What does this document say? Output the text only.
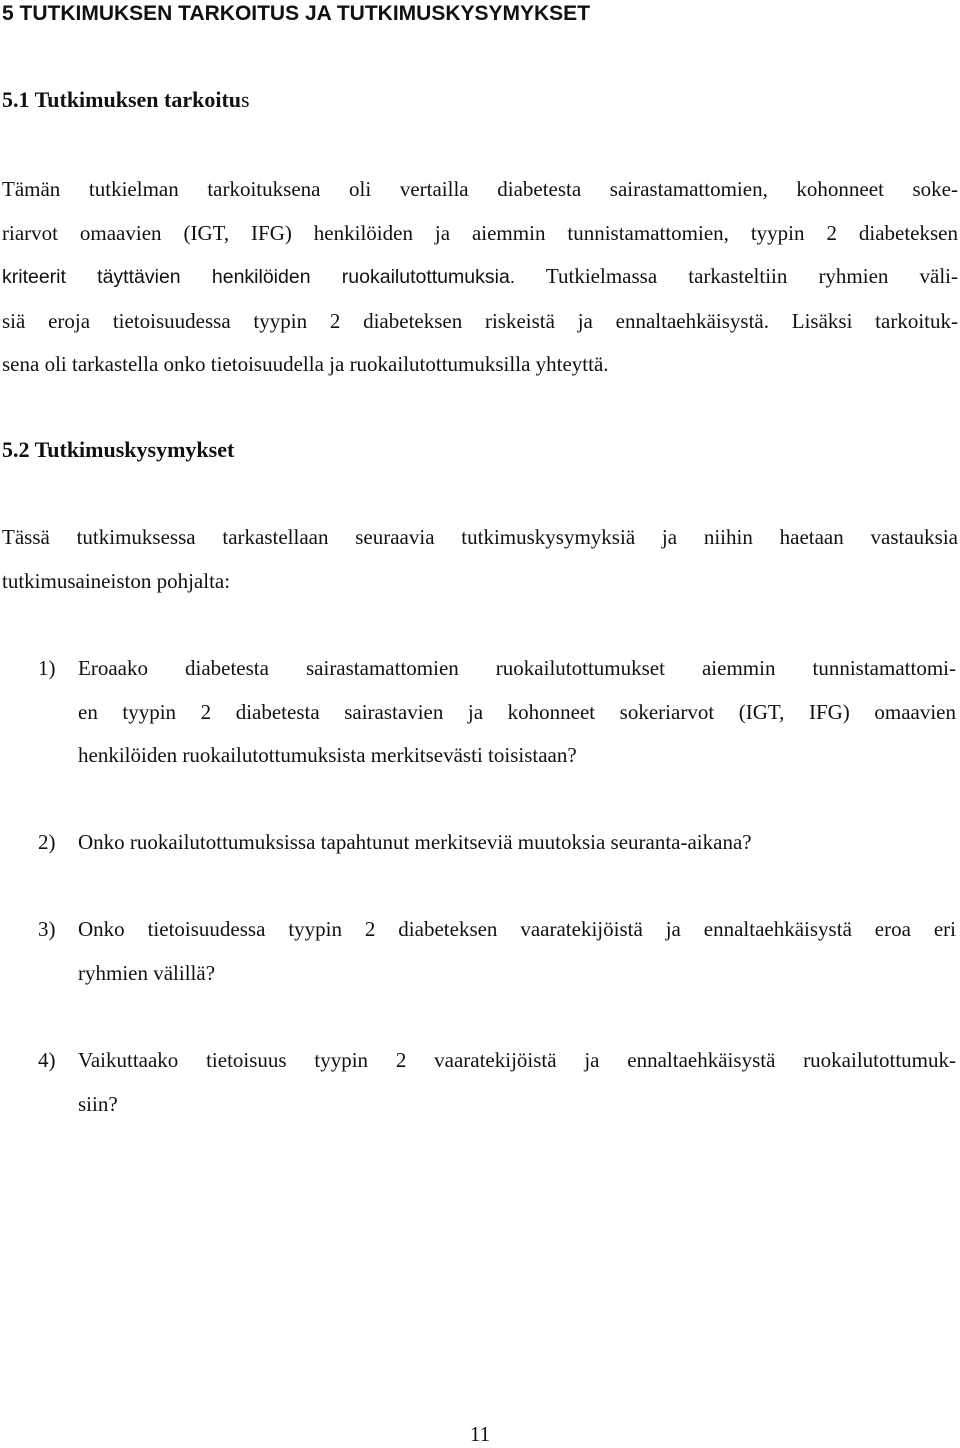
5 TUTKIMUKSEN TARKOITUS JA TUTKIMUSKYSYMYKSET
5.1 Tutkimuksen tarkoitus
Tämän tutkielman tarkoituksena oli vertailla diabetesta sairastamattomien, kohonneet soke-
riarvot omaavien (IGT, IFG) henkilöiden ja aiemmin tunnistamattomien, tyypin 2 diabeteksen
kriteerit täyttävien henkilöiden ruokailutottumuksia. Tutkielmassa tarkasteltiin ryhmien väli-
siä eroja tietoisuudessa tyypin 2 diabeteksen riskeistä ja ennaltaehkäisystä. Lisäksi tarkoituk-
sena oli tarkastella onko tietoisuudella ja ruokailutottumuksilla yhteyttä.
5.2 Tutkimuskysymykset
Tässä tutkimuksessa tarkastellaan seuraavia tutkimuskysymyksiä ja niihin haetaan vastauksia
tutkimusaineiston pohjalta:
1)	Eroaako diabetesta sairastamattomien ruokailutottumukset aiemmin tunnistamattomi-
en tyypin 2 diabetesta sairastavien ja kohonneet sokeriarvot (IGT, IFG) omaavien
henkilöiden ruokailutottumuksista merkitsevästi toisistaan?
2)	Onko ruokailutottumuksissa tapahtunut merkitseviä muutoksia seuranta-aikana?
3)	Onko tietoisuudessa tyypin 2 diabeteksen vaaratekijöistä ja ennaltaehkäisystä eroa eri
ryhmien välillä?
4)	Vaikuttaako tietoisuus tyypin 2 vaaratekijöistä ja ennaltaehkäisystä ruokailutottumuk-
siin?
11
